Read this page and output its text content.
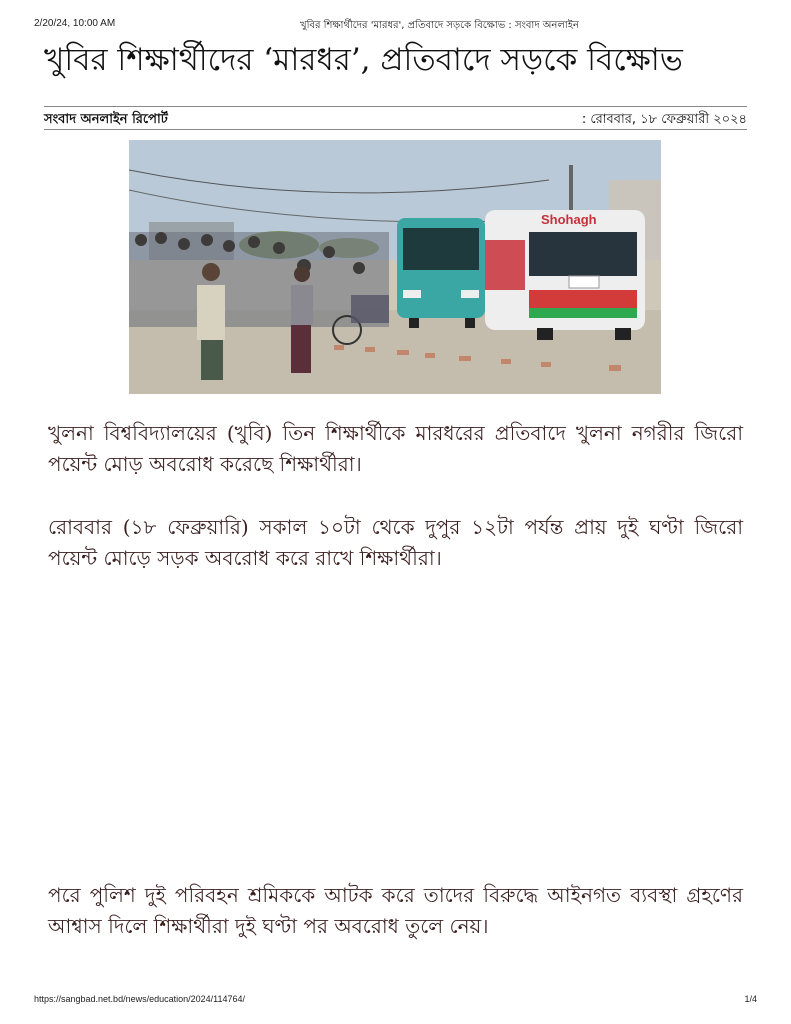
2/20/24, 10:00 AM	খুবির শিক্ষার্থীদের 'মারধর', প্রতিবাদে সড়কে বিক্ষোভ : সংবাদ অনলাইন
খুবির শিক্ষার্থীদের ‘মারধর’, প্রতিবাদে সড়কে বিক্ষোভ
সংবাদ অনলাইন রিপোর্ট	: রোববার, ১৮ ফেব্রুয়ারী ২০২৪
Shohagh

খুলনা বিশ্ববিদ্যালয়ের (খুবি) তিন শিক্ষার্থীকে মারধরের প্রতিবাদে খুলনা নগরীর জিরো পয়েন্ট মোড় অবরোধ করেছে শিক্ষার্থীরা।

রোববার (১৮ ফেব্রুয়ারি) সকাল ১০টা থেকে দুপুর ১২টা পর্যন্ত প্রায় দুই ঘণ্টা জিরো পয়েন্ট মোড়ে সড়ক অবরোধ করে রাখে শিক্ষার্থীরা।

পরে পুলিশ দুই পরিবহন শ্রমিককে আটক করে তাদের বিরুদ্ধে আইনগত ব্যবস্থা গ্রহণের আশ্বাস দিলে শিক্ষার্থীরা দুই ঘণ্টা পর অবরোধ তুলে নেয়।

https://sangbad.net.bd/news/education/2024/114764/	1/4
